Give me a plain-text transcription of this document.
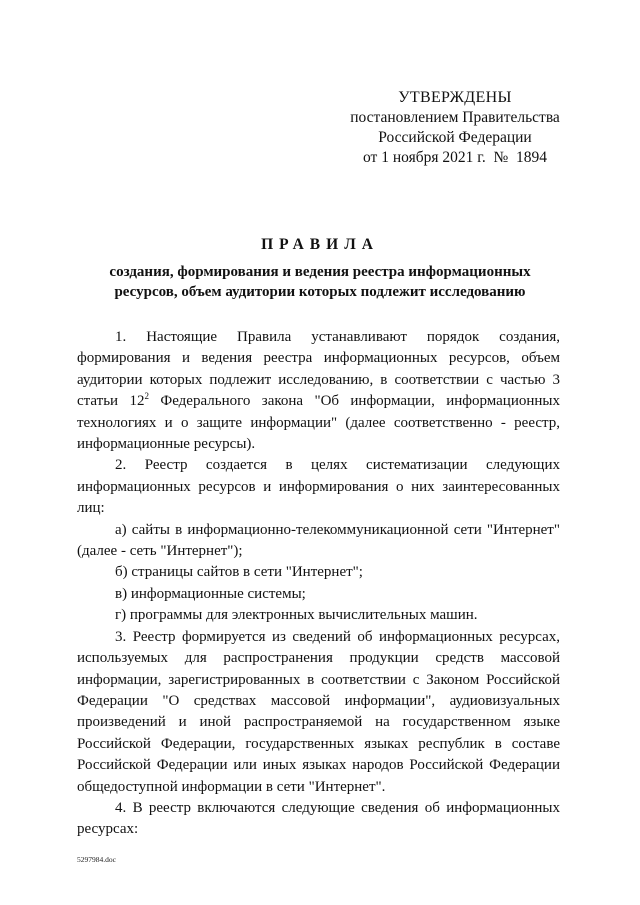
УТВЕРЖДЕНЫ
постановлением Правительства
Российской Федерации
от 1 ноября 2021 г. № 1894
ПРАВИЛА
создания, формирования и ведения реестра информационных ресурсов, объем аудитории которых подлежит исследованию

1. Настоящие Правила устанавливают порядок создания, формирования и ведения реестра информационных ресурсов, объем аудитории которых подлежит исследованию, в соответствии с частью 3 статьи $12^2$ Федерального закона "Об информации, информационных технологиях и о защите информации" (далее соответственно - реестр, информационные ресурсы).

2. Реестр создается в целях систематизации следующих информационных ресурсов и информирования о них заинтересованных лиц:

а) сайты в информационно-телекоммуникационной сети "Интернет" (далее - сеть "Интернет");

б) страницы сайтов в сети "Интернет";

в) информационные системы;

г) программы для электронных вычислительных машин.

3. Реестр формируется из сведений об информационных ресурсах, используемых для распространения продукции средств массовой информации, зарегистрированных в соответствии с Законом Российской Федерации "О средствах массовой информации", аудиовизуальных произведений и иной распространяемой на государственном языке Российской Федерации, государственных языках республик в составе Российской Федерации или иных языках народов Российской Федерации общедоступной информации в сети "Интернет".

4. В реестр включаются следующие сведения об информационных ресурсах:

5297984.doc
